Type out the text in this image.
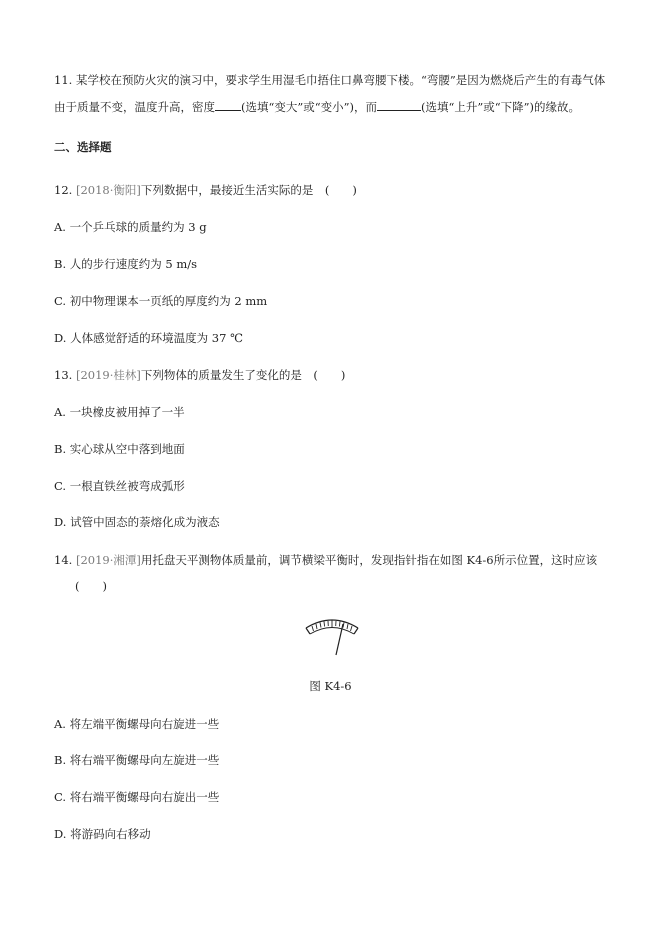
11. 某学校在预防火灾的演习中，要求学生用湿毛巾捂住口鼻弯腰下楼。“弯腰”是因为燃烧后产生的有毒气体
由于质量不变，温度升高，密度 (选填“变大”或“变小”)，而	(选填“上升”或“下降”)的缘故。
二、选择题
12. [2018·衡阳]下列数据中，最接近生活实际的是　(　　)
A. 一个乒乓球的质量约为 3 g
B. 人的步行速度约为 5 m/s
C. 初中物理课本一页纸的厚度约为 2 mm
D. 人体感觉舒适的环境温度为 37 ℃
13. [2019·桂林]下列物体的质量发生了变化的是　(　　)
A. 一块橡皮被用掉了一半
B. 实心球从空中落到地面
C. 一根直铁丝被弯成弧形
D. 试管中固态的萘熔化成为液态
14. [2019·湘潭]用托盘天平测物体质量前，调节横梁平衡时，发现指针指在如图 K4-6所示位置，这时应该
(　　)
图 K4-6
A. 将左端平衡螺母向右旋进一些
B. 将右端平衡螺母向左旋进一些
C. 将右端平衡螺母向右旋出一些
D. 将游码向右移动
